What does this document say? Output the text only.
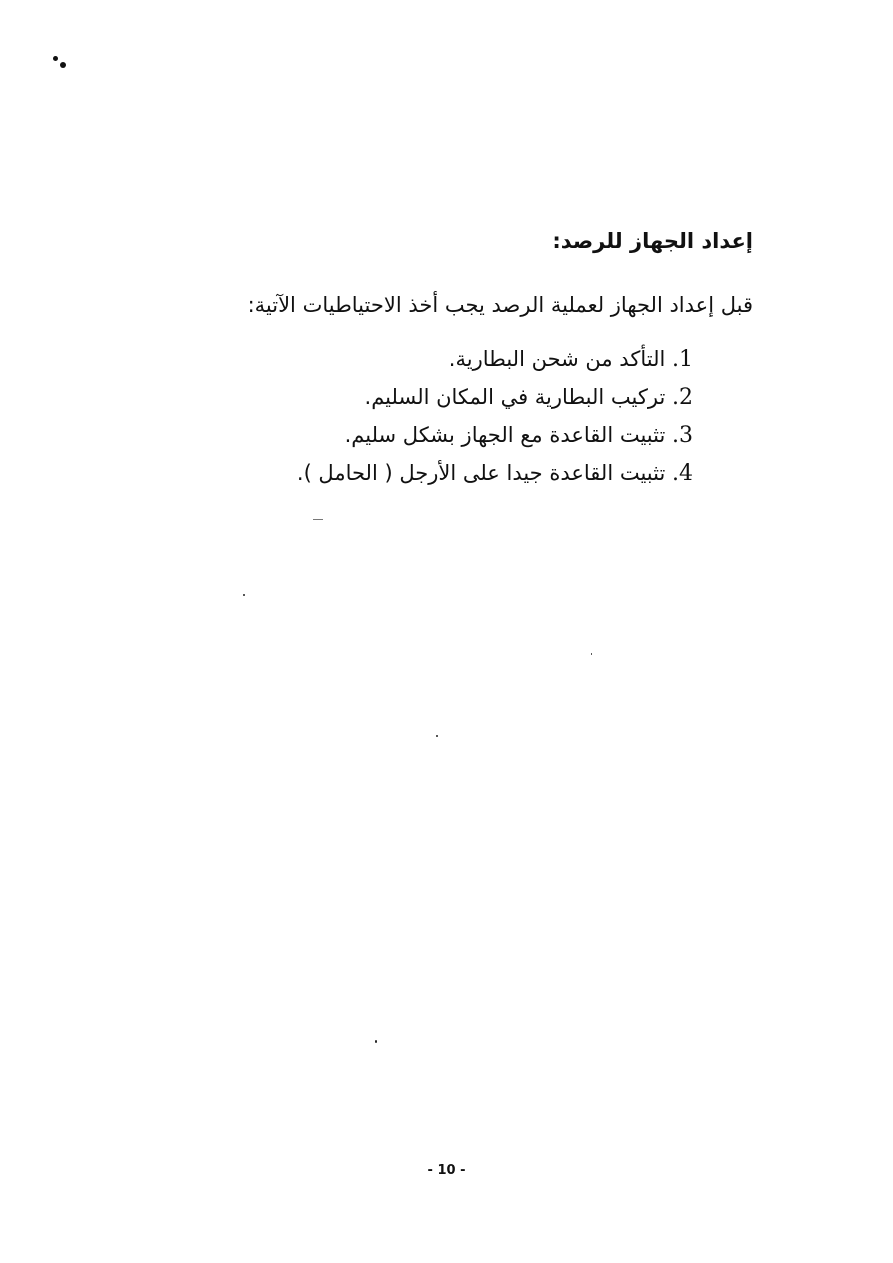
إعداد الجهاز للرصد:
قبل إعداد الجهاز لعملية الرصد يجب أخذ الاحتياطيات الآتية:
1. التأكد من شحن البطارية.
2. تركيب البطارية في المكان السليم.
3. تثبيت القاعدة مع الجهاز بشكل سليم.
4. تثبيت القاعدة جيدا على الأرجل ( الحامل ).
- 10 -
